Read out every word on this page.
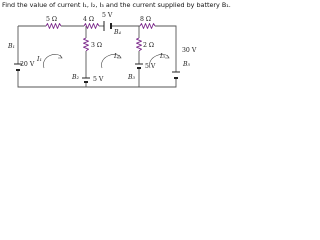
Find the value of current I₁, I₂, I₃ and the current supplied by battery B₁.
5 Ω	4 Ω	8 Ω
3 Ω	2 Ω
5 V
B₄
B₁
20 V
B₂ 5 V
5 V
B₃
30 V
B₅
I₁	I₂	I₃
